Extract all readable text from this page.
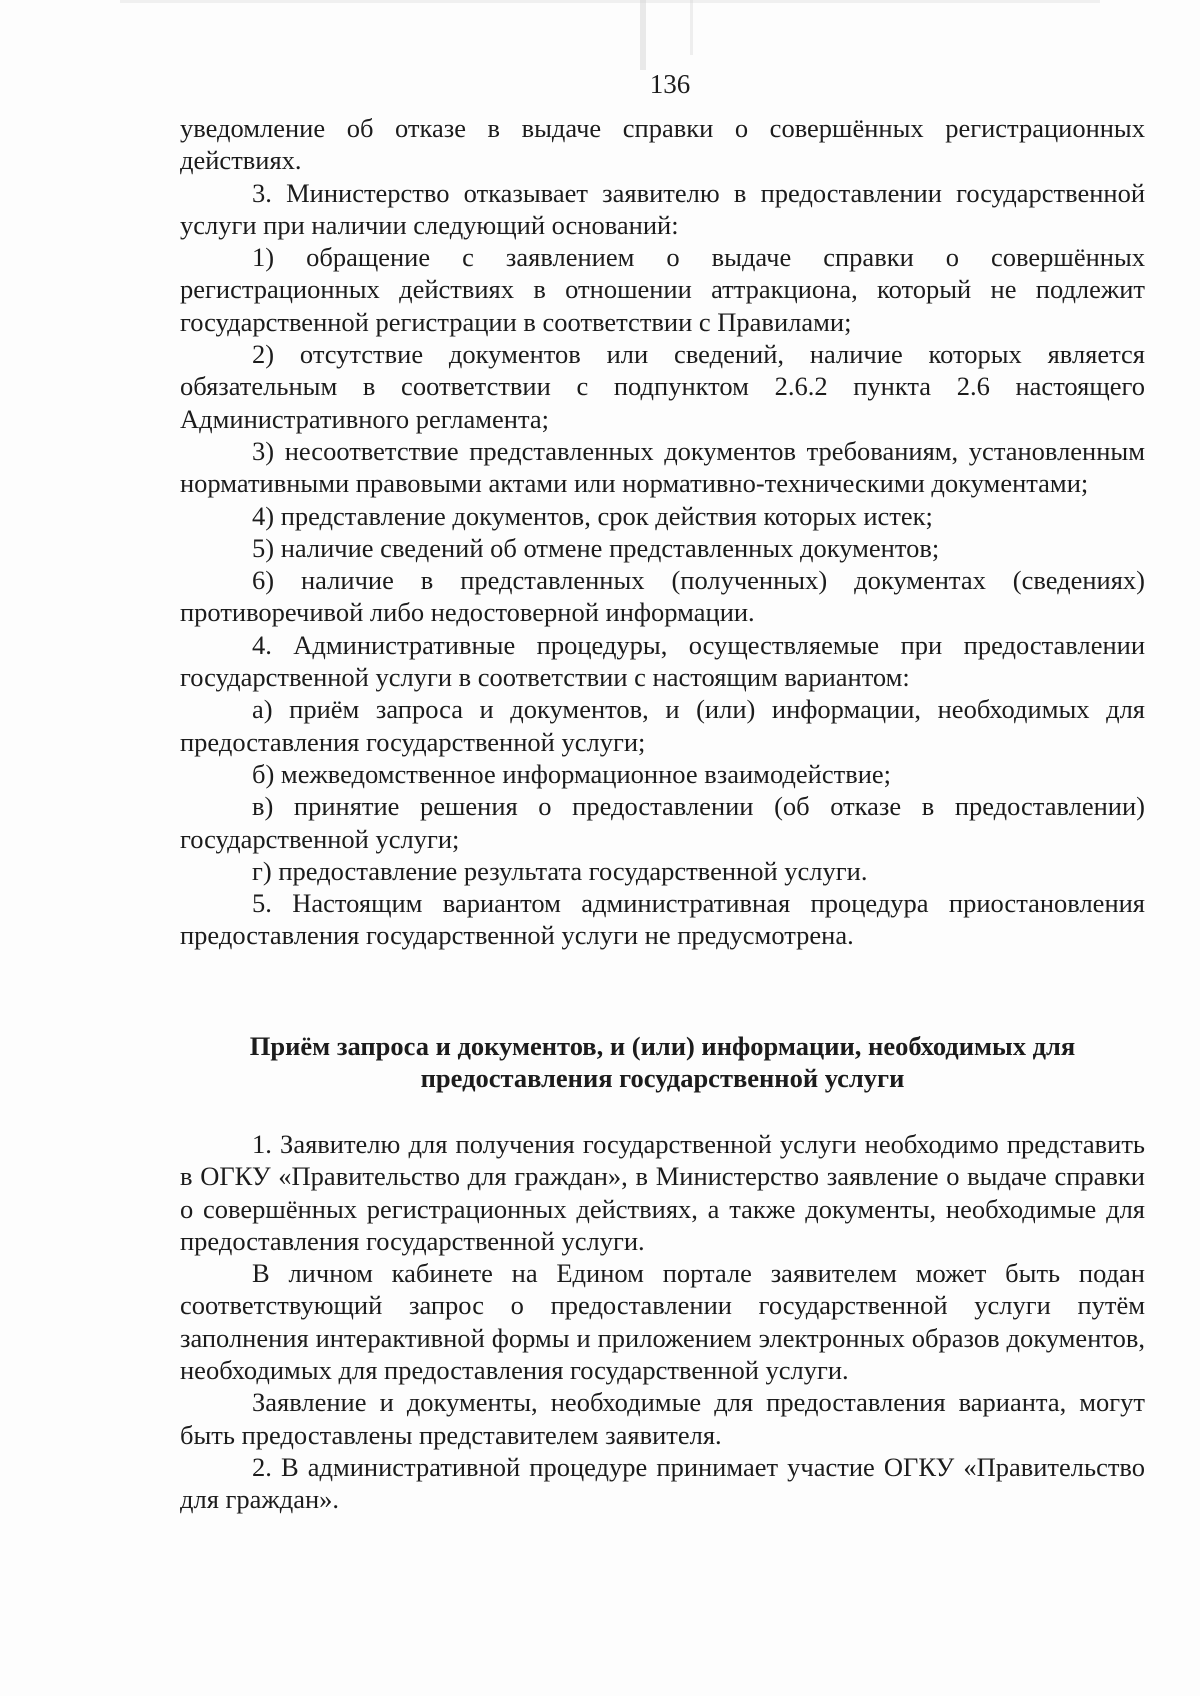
136

уведомление об отказе в выдаче справки о совершённых регистрационных действиях.

3. Министерство отказывает заявителю в предоставлении государственной услуги при наличии следующий оснований:

1) обращение с заявлением о выдаче справки о совершённых регистрационных действиях в отношении аттракциона, который не подлежит государственной регистрации в соответствии с Правилами;

2) отсутствие документов или сведений, наличие которых является обязательным в соответствии с подпунктом 2.6.2 пункта 2.6 настоящего Административного регламента;

3) несоответствие представленных документов требованиям, установленным нормативными правовыми актами или нормативно-техническими документами;

4) представление документов, срок действия которых истек;

5) наличие сведений об отмене представленных документов;

6) наличие в представленных (полученных) документах (сведениях) противоречивой либо недостоверной информации.

4. Административные процедуры, осуществляемые при предоставлении государственной услуги в соответствии с настоящим вариантом:

а) приём запроса и документов, и (или) информации, необходимых для предоставления государственной услуги;

б) межведомственное информационное взаимодействие;

в) принятие решения о предоставлении (об отказе в предоставлении) государственной услуги;

г) предоставление результата государственной услуги.

5. Настоящим вариантом административная процедура приостановления предоставления государственной услуги не предусмотрена.

Приём запроса и документов, и (или) информации, необходимых для предоставления государственной услуги

1. Заявителю для получения государственной услуги необходимо представить в ОГКУ «Правительство для граждан», в Министерство заявление о выдаче справки о совершённых регистрационных действиях, а также документы, необходимые для предоставления государственной услуги.

В личном кабинете на Едином портале заявителем может быть подан соответствующий запрос о предоставлении государственной услуги путём заполнения интерактивной формы и приложением электронных образов документов, необходимых для предоставления государственной услуги.

Заявление и документы, необходимые для предоставления варианта, могут быть предоставлены представителем заявителя.

2. В административной процедуре принимает участие ОГКУ «Правительство для граждан».
